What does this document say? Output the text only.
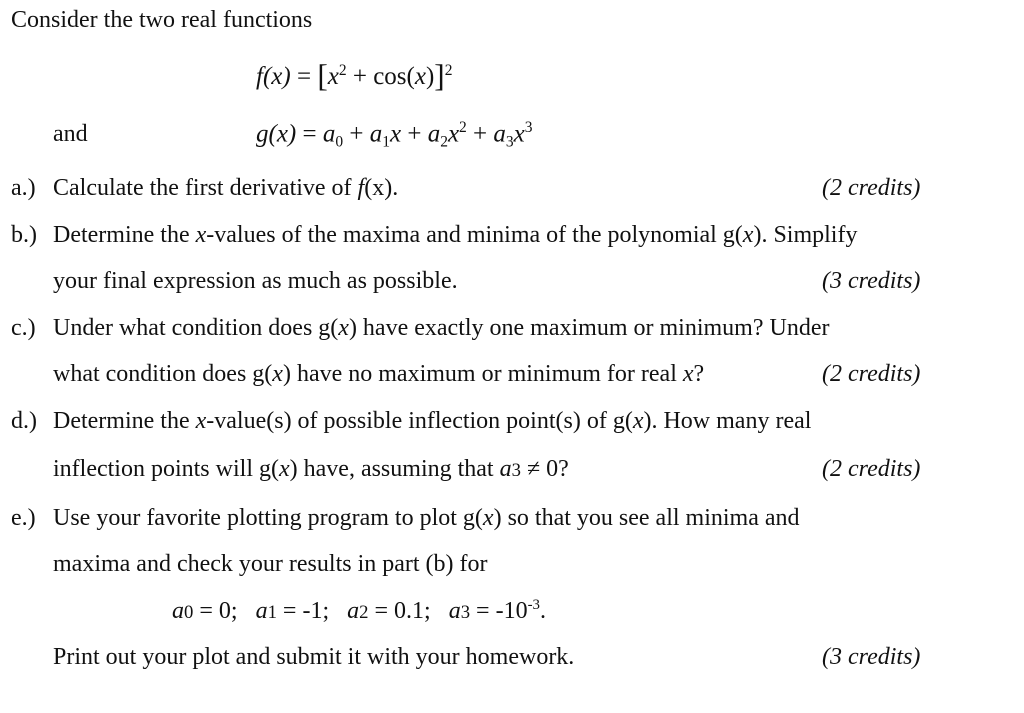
Consider the two real functions
$f(x) = [x^2 + \cos(x)]^2$
and	$g(x) = a_0 + a_1x + a_2x^2 + a_3x^3$
a.) Calculate the first derivative of f(x).	(2 credits)
b.) Determine the x-values of the maxima and minima of the polynomial g(x). Simplify
your final expression as much as possible.	(3 credits)
c.) Under what condition does g(x) have exactly one maximum or minimum? Under
what condition does g(x) have no maximum or minimum for real x?	(2 credits)
d.) Determine the x-value(s) of possible inflection point(s) of g(x). How many real
inflection points will g(x) have, assuming that a3 ≠ 0?	(2 credits)
e.) Use your favorite plotting program to plot g(x) so that you see all minima and
maxima and check your results in part (b) for
a0 = 0; a1 = -1; a2 = 0.1; $a3 = -10^{-3}$.
Print out your plot and submit it with your homework.	(3 credits)
